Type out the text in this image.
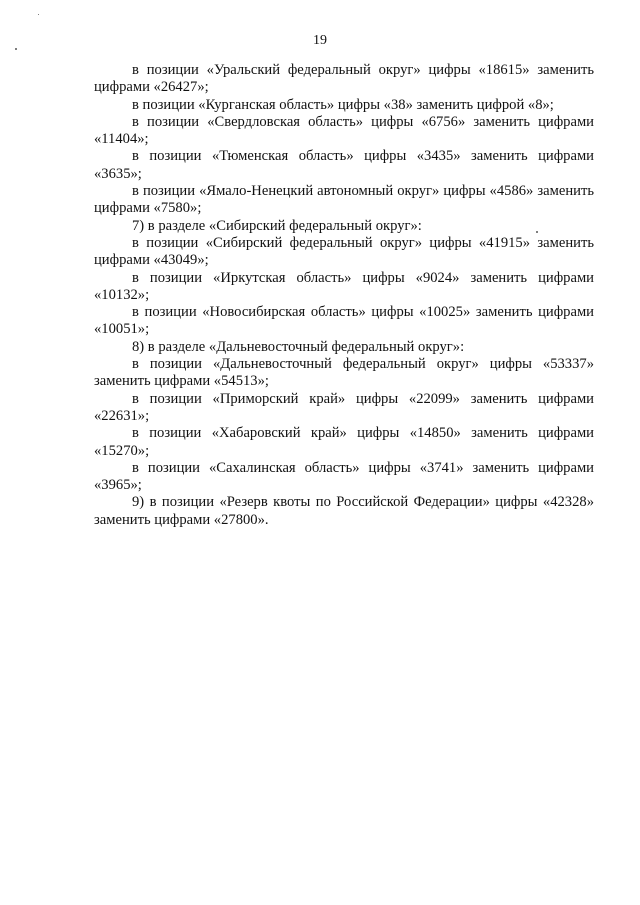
19

в позиции «Уральский федеральный округ» цифры «18615» заменить цифрами «26427»;

в позиции «Курганская область» цифры «38» заменить цифрой «8»;

в позиции «Свердловская область» цифры «6756» заменить цифрами «11404»;

в позиции «Тюменская область» цифры «3435» заменить цифрами «3635»;

в позиции «Ямало-Ненецкий автономный округ» цифры «4586» заменить цифрами «7580»;

7) в разделе «Сибирский федеральный округ»:

в позиции «Сибирский федеральный округ» цифры «41915» заменить цифрами «43049»;

в позиции «Иркутская область» цифры «9024» заменить цифрами «10132»;

в позиции «Новосибирская область» цифры «10025» заменить цифрами «10051»;

8) в разделе «Дальневосточный федеральный округ»:

в позиции «Дальневосточный федеральный округ» цифры «53337» заменить цифрами «54513»;

в позиции «Приморский край» цифры «22099» заменить цифрами «22631»;

в позиции «Хабаровский край» цифры «14850» заменить цифрами «15270»;

в позиции «Сахалинская область» цифры «3741» заменить цифрами «3965»;

9) в позиции «Резерв квоты по Российской Федерации» цифры «42328» заменить цифрами «27800».
